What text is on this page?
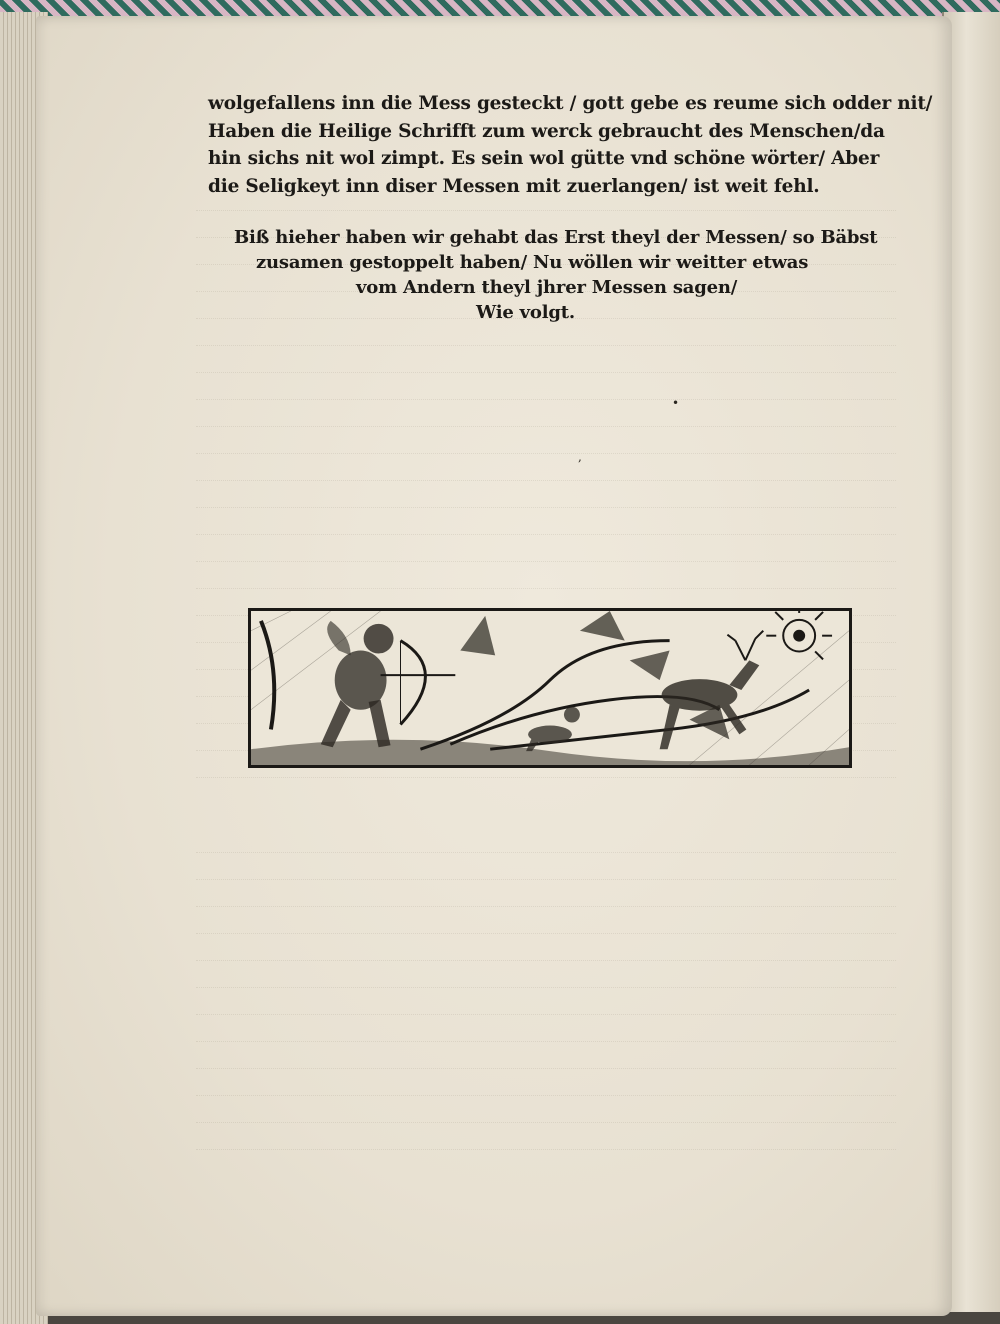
wolgefallens inn die Mess gesteckt / gott gebe es reume sich odder nit/
Haben die Heilige Schrifft zum werck gebraucht des Menschen/da
hin sichs nit wol zimpt. Es sein wol gütte vnd schöne wörter/ Aber
die Seligkeyt inn diser Messen mit zuerlangen/ ist weit fehl.
Biß hieher haben wir gehabt das Erst theyl der Messen/ so Bäbst
zusamen gestoppelt haben/ Nu wöllen wir weitter etwas
vom Andern theyl jhrer Messen sagen/
Wie volgt.
•
,
